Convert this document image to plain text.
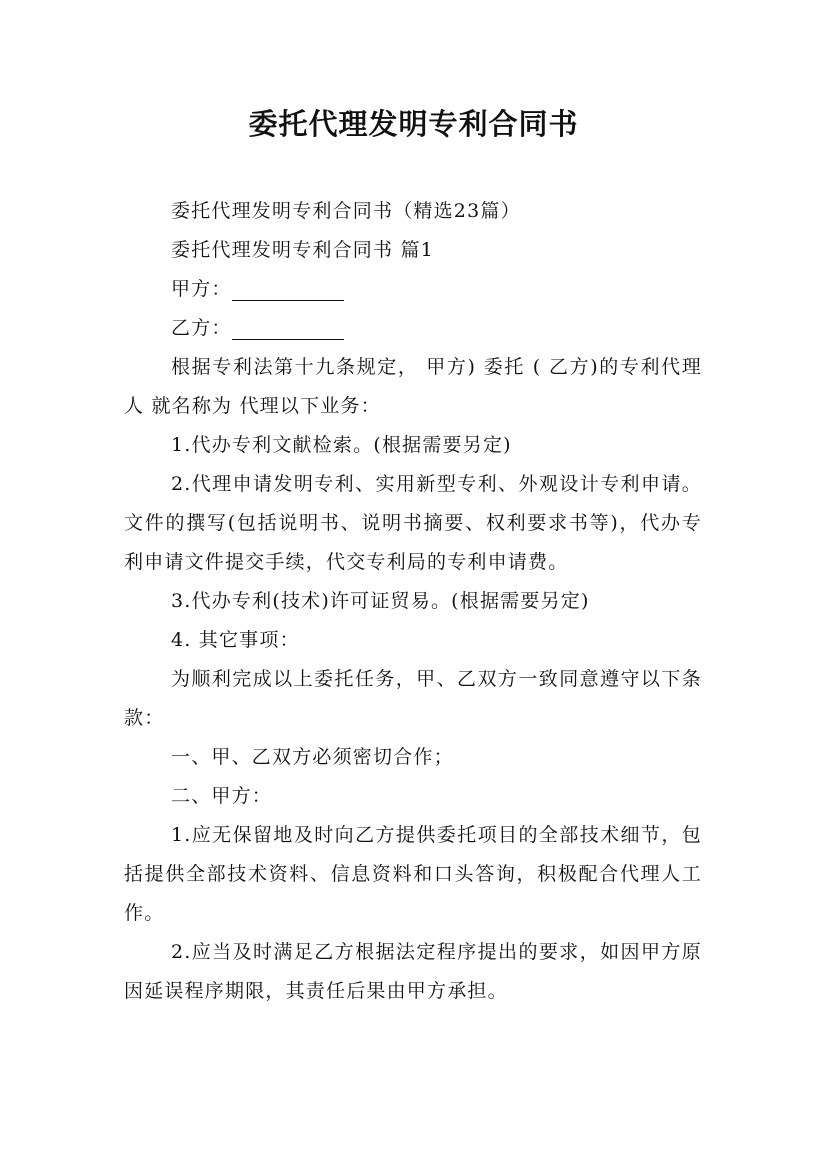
委托代理发明专利合同书

委托代理发明专利合同书（精选23篇）

委托代理发明专利合同书 篇1

甲方：

乙方：

根据专利法第十九条规定， 甲方) 委托 ( 乙方)的专利代理人 就名称为 代理以下业务：

1.代办专利文献检索。(根据需要另定)

2.代理申请发明专利、实用新型专利、外观设计专利申请。 文件的撰写(包括说明书、说明书摘要、权利要求书等)，代办专利申请文件提交手续，代交专利局的专利申请费。

3.代办专利(技术)许可证贸易。(根据需要另定)

4. 其它事项：

为顺利完成以上委托任务，甲、乙双方一致同意遵守以下条款：

一、甲、乙双方必须密切合作；

二、甲方：

1.应无保留地及时向乙方提供委托项目的全部技术细节，包括提供全部技术资料、信息资料和口头答询，积极配合代理人工作。

2.应当及时满足乙方根据法定程序提出的要求，如因甲方原因延误程序期限，其责任后果由甲方承担。
